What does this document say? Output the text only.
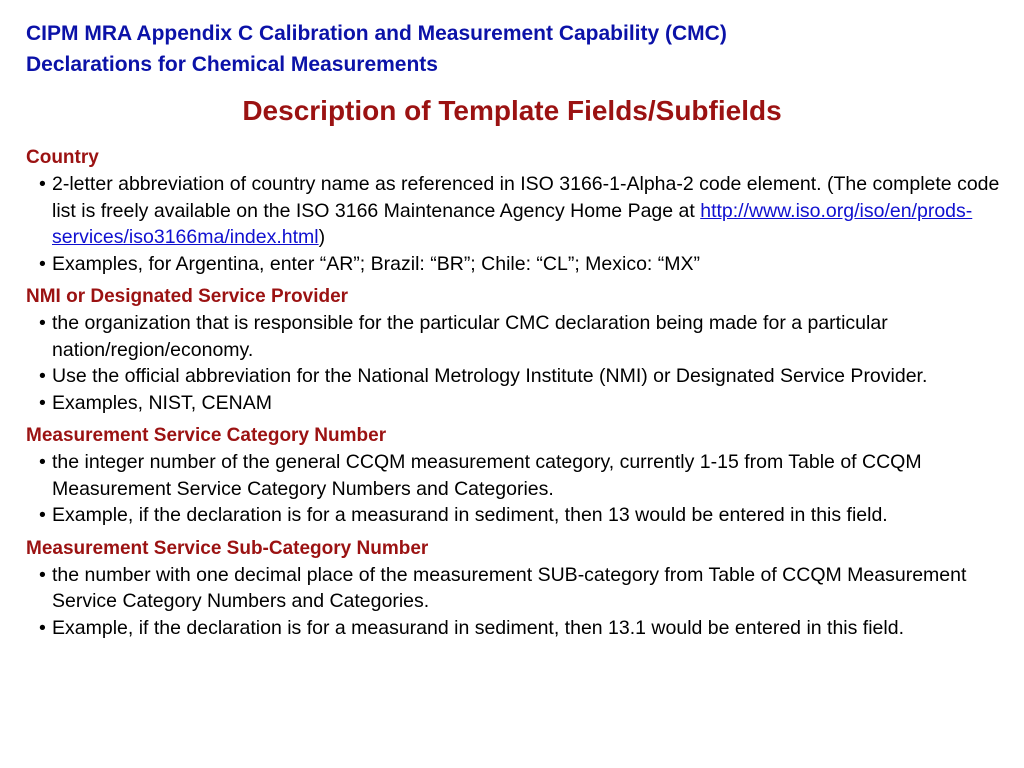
CIPM MRA Appendix C Calibration and Measurement Capability (CMC)
Declarations for Chemical Measurements
Description of Template Fields/Subfields
Country
• 2-letter abbreviation of country name as referenced in ISO 3166-1-Alpha-2 code element. (The complete code list is freely available on the ISO 3166 Maintenance Agency Home Page at http://www.iso.org/iso/en/prods-services/iso3166ma/index.html)
• Examples, for Argentina, enter “AR”; Brazil: “BR”; Chile: “CL”; Mexico: “MX”
NMI or Designated Service Provider
• the organization that is responsible for the particular CMC declaration being made for a particular nation/region/economy.
• Use the official abbreviation for the National Metrology Institute (NMI) or Designated Service Provider.
• Examples, NIST, CENAM
Measurement Service Category Number
• the integer number of the general CCQM measurement category, currently 1-15 from Table of CCQM Measurement Service Category Numbers and Categories.
• Example, if the declaration is for a measurand in sediment, then 13 would be entered in this field.
Measurement Service Sub-Category Number
• the number with one decimal place of the measurement SUB-category from Table of CCQM Measurement Service Category Numbers and Categories.
• Example, if the declaration is for a measurand in sediment, then 13.1 would be entered in this field.
